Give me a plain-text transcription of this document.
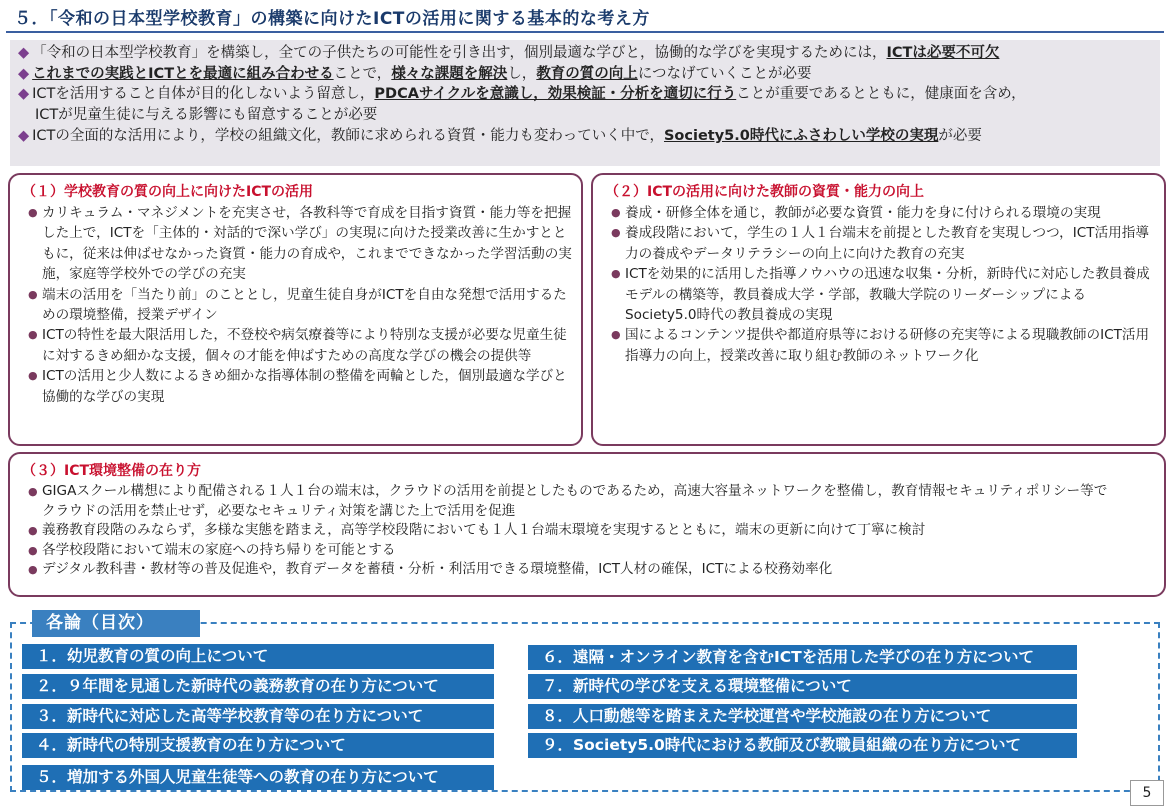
５．「令和の日本型学校教育」の構築に向けたICTの活用に関する基本的な考え方
◆ 「令和の日本型学校教育」を構築し，全ての子供たちの可能性を引き出す，個別最適な学びと，協働的な学びを実現するためには，ICTは必要不可欠
◆ これまでの実践とICTとを最適に組み合わせることで，様々な課題を解決し，教育の質の向上につなげていくことが必要
◆ ICTを活用すること自体が目的化しないよう留意し，PDCAサイクルを意識し，効果検証・分析を適切に行うことが重要であるとともに，健康面を含め，
ICTが児童生徒に与える影響にも留意することが必要
◆ ICTの全面的な活用により，学校の組織文化，教師に求められる資質・能力も変わっていく中で，Society5.0時代にふさわしい学校の実現が必要
（１）学校教育の質の向上に向けたICTの活用
● カリキュラム・マネジメントを充実させ，各教科等で育成を目指す資質・能力等を把握した上で，ICTを「主体的・対話的で深い学び」の実現に向けた授業改善に生かすとともに，従来は伸ばせなかった資質・能力の育成や，これまでできなかった学習活動の実施，家庭等学校外での学びの充実
● 端末の活用を「当たり前」のこととし，児童生徒自身がICTを自由な発想で活用するための環境整備，授業デザイン
● ICTの特性を最大限活用した，不登校や病気療養等により特別な支援が必要な児童生徒に対するきめ細かな支援，個々の才能を伸ばすための高度な学びの機会の提供等
● ICTの活用と少人数によるきめ細かな指導体制の整備を両輪とした，個別最適な学びと協働的な学びの実現
（２）ICTの活用に向けた教師の資質・能力の向上
● 養成・研修全体を通じ，教師が必要な資質・能力を身に付けられる環境の実現
● 養成段階において，学生の１人１台端末を前提とした教育を実現しつつ，ICT活用指導力の養成やデータリテラシーの向上に向けた教育の充実
● ICTを効果的に活用した指導ノウハウの迅速な収集・分析，新時代に対応した教員養成モデルの構築等，教員養成大学・学部，教職大学院のリーダーシップによるSociety5.0時代の教員養成の実現
● 国によるコンテンツ提供や都道府県等における研修の充実等による現職教師のICT活用指導力の向上，授業改善に取り組む教師のネットワーク化
（３）ICT環境整備の在り方
● GIGAスクール構想により配備される１人１台の端末は，クラウドの活用を前提としたものであるため，高速大容量ネットワークを整備し，教育情報セキュリティポリシー等で
クラウドの活用を禁止せず，必要なセキュリティ対策を講じた上で活用を促進
● 義務教育段階のみならず，多様な実態を踏まえ，高等学校段階においても１人１台端末環境を実現するとともに，端末の更新に向けて丁寧に検討
● 各学校段階において端末の家庭への持ち帰りを可能とする
● デジタル教科書・教材等の普及促進や，教育データを蓄積・分析・利活用できる環境整備，ICT人材の確保，ICTによる校務効率化
各論（目次）
１．幼児教育の質の向上について
２．９年間を見通した新時代の義務教育の在り方について
３．新時代に対応した高等学校教育等の在り方について
４．新時代の特別支援教育の在り方について
５．増加する外国人児童生徒等への教育の在り方について
６．遠隔・オンライン教育を含むICTを活用した学びの在り方について
７．新時代の学びを支える環境整備について
８．人口動態等を踏まえた学校運営や学校施設の在り方について
９．Society5.0時代における教師及び教職員組織の在り方について
5
